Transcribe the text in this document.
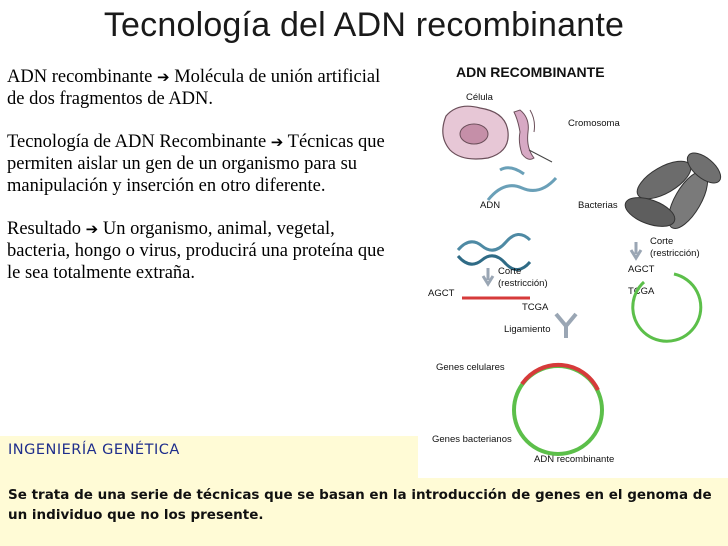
Tecnología del ADN recombinante

ADN recombinante ➔ Molécula de unión artificial de dos fragmentos de ADN.

Tecnología de ADN Recombinante ➔ Técnicas que permiten aislar un gen de un organismo para su manipulación y inserción en otro diferente.

Resultado ➔ Un organismo, animal, vegetal, bacteria, hongo o virus, producirá una proteína que le sea totalmente extraña.

ADN RECOMBINANTE
Célula
Cromosoma
ADN	Bacterias
Corte
(restricción)
AGCT
TCGA
Corte
(restricción)
AGCT
TCGA
Ligamiento
Genes celulares
Genes bacterianos
ADN recombinante
INGENIERÍA GENÉTICA
Se trata de una serie de técnicas que se basan en la introducción de genes en el genoma de un individuo que no los presente.
